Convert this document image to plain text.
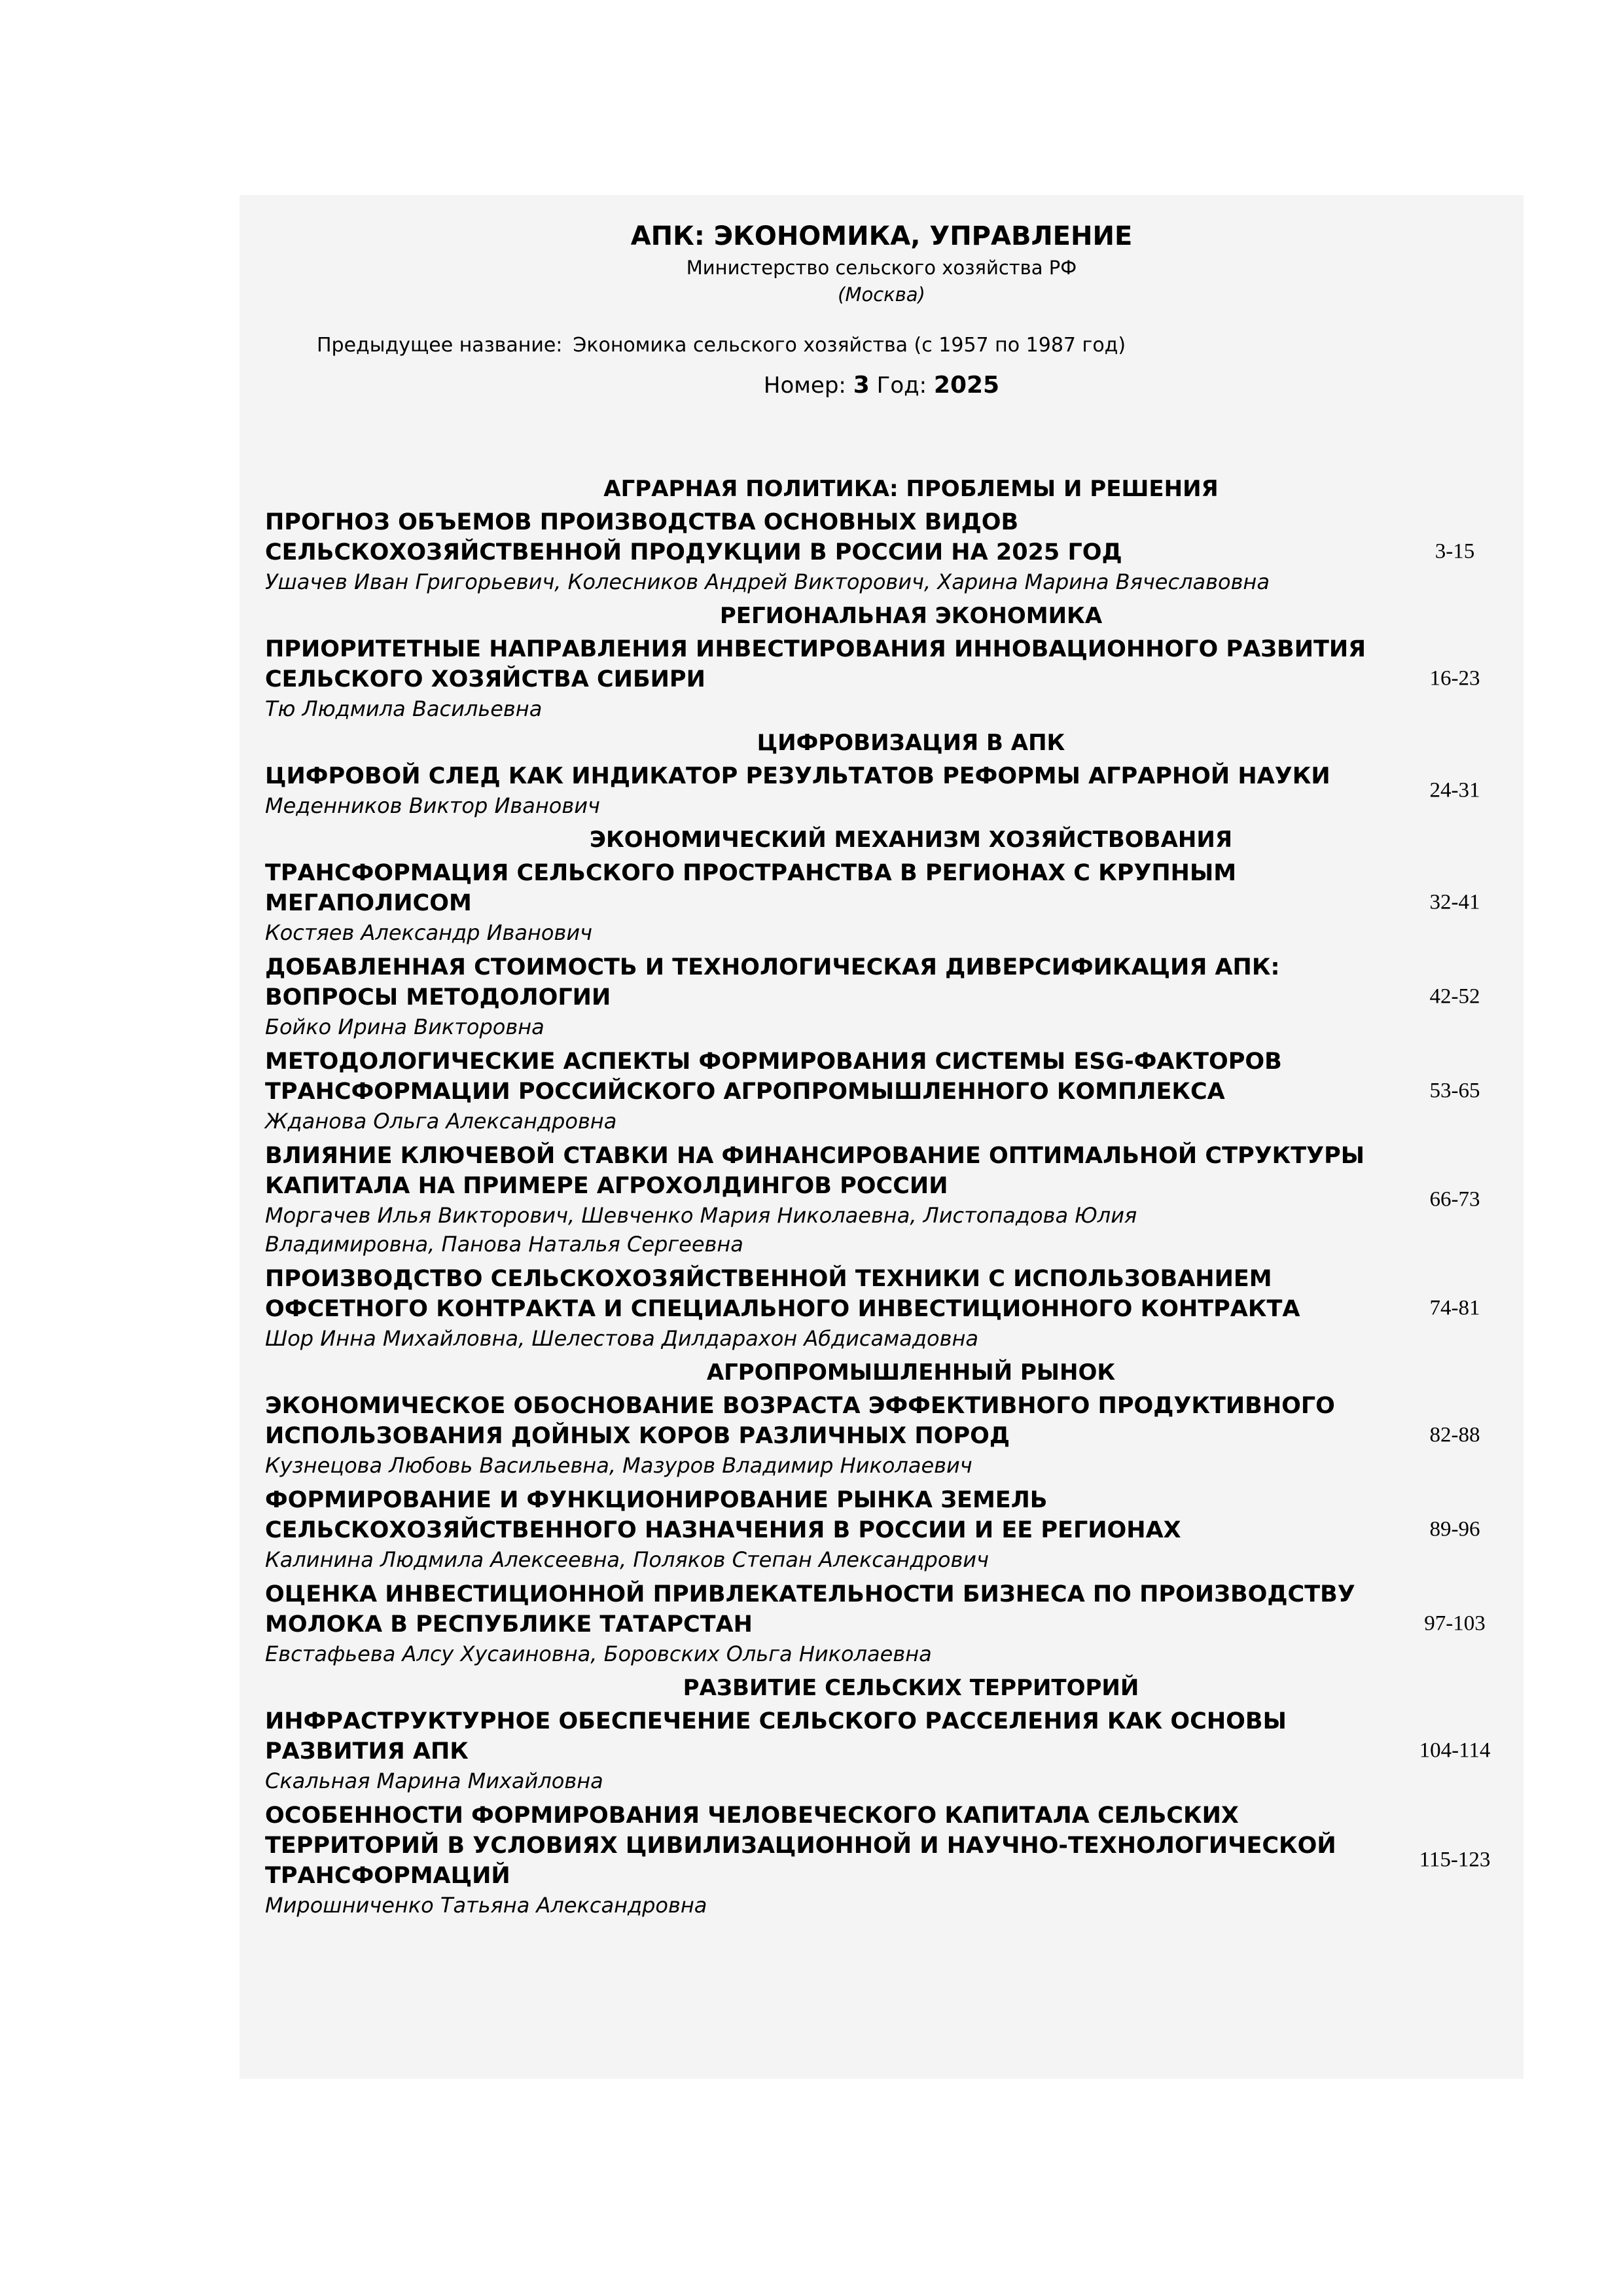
АПК: ЭКОНОМИКА, УПРАВЛЕНИЕ
Министерство сельского хозяйства РФ
(Москва)
Предыдущее название: Экономика сельского хозяйства (с 1957 по 1987 год)
Номер: 3 Год: 2025
АГРАРНАЯ ПОЛИТИКА: ПРОБЛЕМЫ И РЕШЕНИЯ
ПРОГНОЗ ОБЪЕМОВ ПРОИЗВОДСТВА ОСНОВНЫХ ВИДОВ
СЕЛЬСКОХОЗЯЙСТВЕННОЙ ПРОДУКЦИИ В РОССИИ НА 2025 ГОД
Ушачев Иван Григорьевич, Колесников Андрей Викторович, Харина Марина Вячеславовна
3-15
РЕГИОНАЛЬНАЯ ЭКОНОМИКА
ПРИОРИТЕТНЫЕ НАПРАВЛЕНИЯ ИНВЕСТИРОВАНИЯ ИННОВАЦИОННОГО РАЗВИТИЯ
СЕЛЬСКОГО ХОЗЯЙСТВА СИБИРИ
Тю Людмила Васильевна
16-23
ЦИФРОВИЗАЦИЯ В АПК
ЦИФРОВОЙ СЛЕД КАК ИНДИКАТОР РЕЗУЛЬТАТОВ РЕФОРМЫ АГРАРНОЙ НАУКИ
Меденников Виктор Иванович
24-31
ЭКОНОМИЧЕСКИЙ МЕХАНИЗМ ХОЗЯЙСТВОВАНИЯ
ТРАНСФОРМАЦИЯ СЕЛЬСКОГО ПРОСТРАНСТВА В РЕГИОНАХ С КРУПНЫМ
МЕГАПОЛИСОМ
Костяев Александр Иванович
32-41
ДОБАВЛЕННАЯ СТОИМОСТЬ И ТЕХНОЛОГИЧЕСКАЯ ДИВЕРСИФИКАЦИЯ АПК:
ВОПРОСЫ МЕТОДОЛОГИИ
Бойко Ирина Викторовна
42-52
МЕТОДОЛОГИЧЕСКИЕ АСПЕКТЫ ФОРМИРОВАНИЯ СИСТЕМЫ ESG-ФАКТОРОВ
ТРАНСФОРМАЦИИ РОССИЙСКОГО АГРОПРОМЫШЛЕННОГО КОМПЛЕКСА
Жданова Ольга Александровна
53-65
ВЛИЯНИЕ КЛЮЧЕВОЙ СТАВКИ НА ФИНАНСИРОВАНИЕ ОПТИМАЛЬНОЙ СТРУКТУРЫ
КАПИТАЛА НА ПРИМЕРЕ АГРОХОЛДИНГОВ РОССИИ
Моргачев Илья Викторович, Шевченко Мария Николаевна, Листопадова Юлия
Владимировна, Панова Наталья Сергеевна
66-73
ПРОИЗВОДСТВО СЕЛЬСКОХОЗЯЙСТВЕННОЙ ТЕХНИКИ С ИСПОЛЬЗОВАНИЕМ
ОФСЕТНОГО КОНТРАКТА И СПЕЦИАЛЬНОГО ИНВЕСТИЦИОННОГО КОНТРАКТА
Шор Инна Михайловна, Шелестова Дилдарахон Абдисамадовна
74-81
АГРОПРОМЫШЛЕННЫЙ РЫНОК
ЭКОНОМИЧЕСКОЕ ОБОСНОВАНИЕ ВОЗРАСТА ЭФФЕКТИВНОГО ПРОДУКТИВНОГО
ИСПОЛЬЗОВАНИЯ ДОЙНЫХ КОРОВ РАЗЛИЧНЫХ ПОРОД
Кузнецова Любовь Васильевна, Мазуров Владимир Николаевич
82-88
ФОРМИРОВАНИЕ И ФУНКЦИОНИРОВАНИЕ РЫНКА ЗЕМЕЛЬ
СЕЛЬСКОХОЗЯЙСТВЕННОГО НАЗНАЧЕНИЯ В РОССИИ И ЕЕ РЕГИОНАХ
Калинина Людмила Алексеевна, Поляков Степан Александрович
89-96
ОЦЕНКА ИНВЕСТИЦИОННОЙ ПРИВЛЕКАТЕЛЬНОСТИ БИЗНЕСА ПО ПРОИЗВОДСТВУ
МОЛОКА В РЕСПУБЛИКЕ ТАТАРСТАН
Евстафьева Алсу Хусаиновна, Боровских Ольга Николаевна
97-103
РАЗВИТИЕ СЕЛЬСКИХ ТЕРРИТОРИЙ
ИНФРАСТРУКТУРНОЕ ОБЕСПЕЧЕНИЕ СЕЛЬСКОГО РАССЕЛЕНИЯ КАК ОСНОВЫ
РАЗВИТИЯ АПК
Скальная Марина Михайловна
104-114
ОСОБЕННОСТИ ФОРМИРОВАНИЯ ЧЕЛОВЕЧЕСКОГО КАПИТАЛА СЕЛЬСКИХ
ТЕРРИТОРИЙ В УСЛОВИЯХ ЦИВИЛИЗАЦИОННОЙ И НАУЧНО-ТЕХНОЛОГИЧЕСКОЙ
ТРАНСФОРМАЦИЙ
Мирошниченко Татьяна Александровна
115-123
